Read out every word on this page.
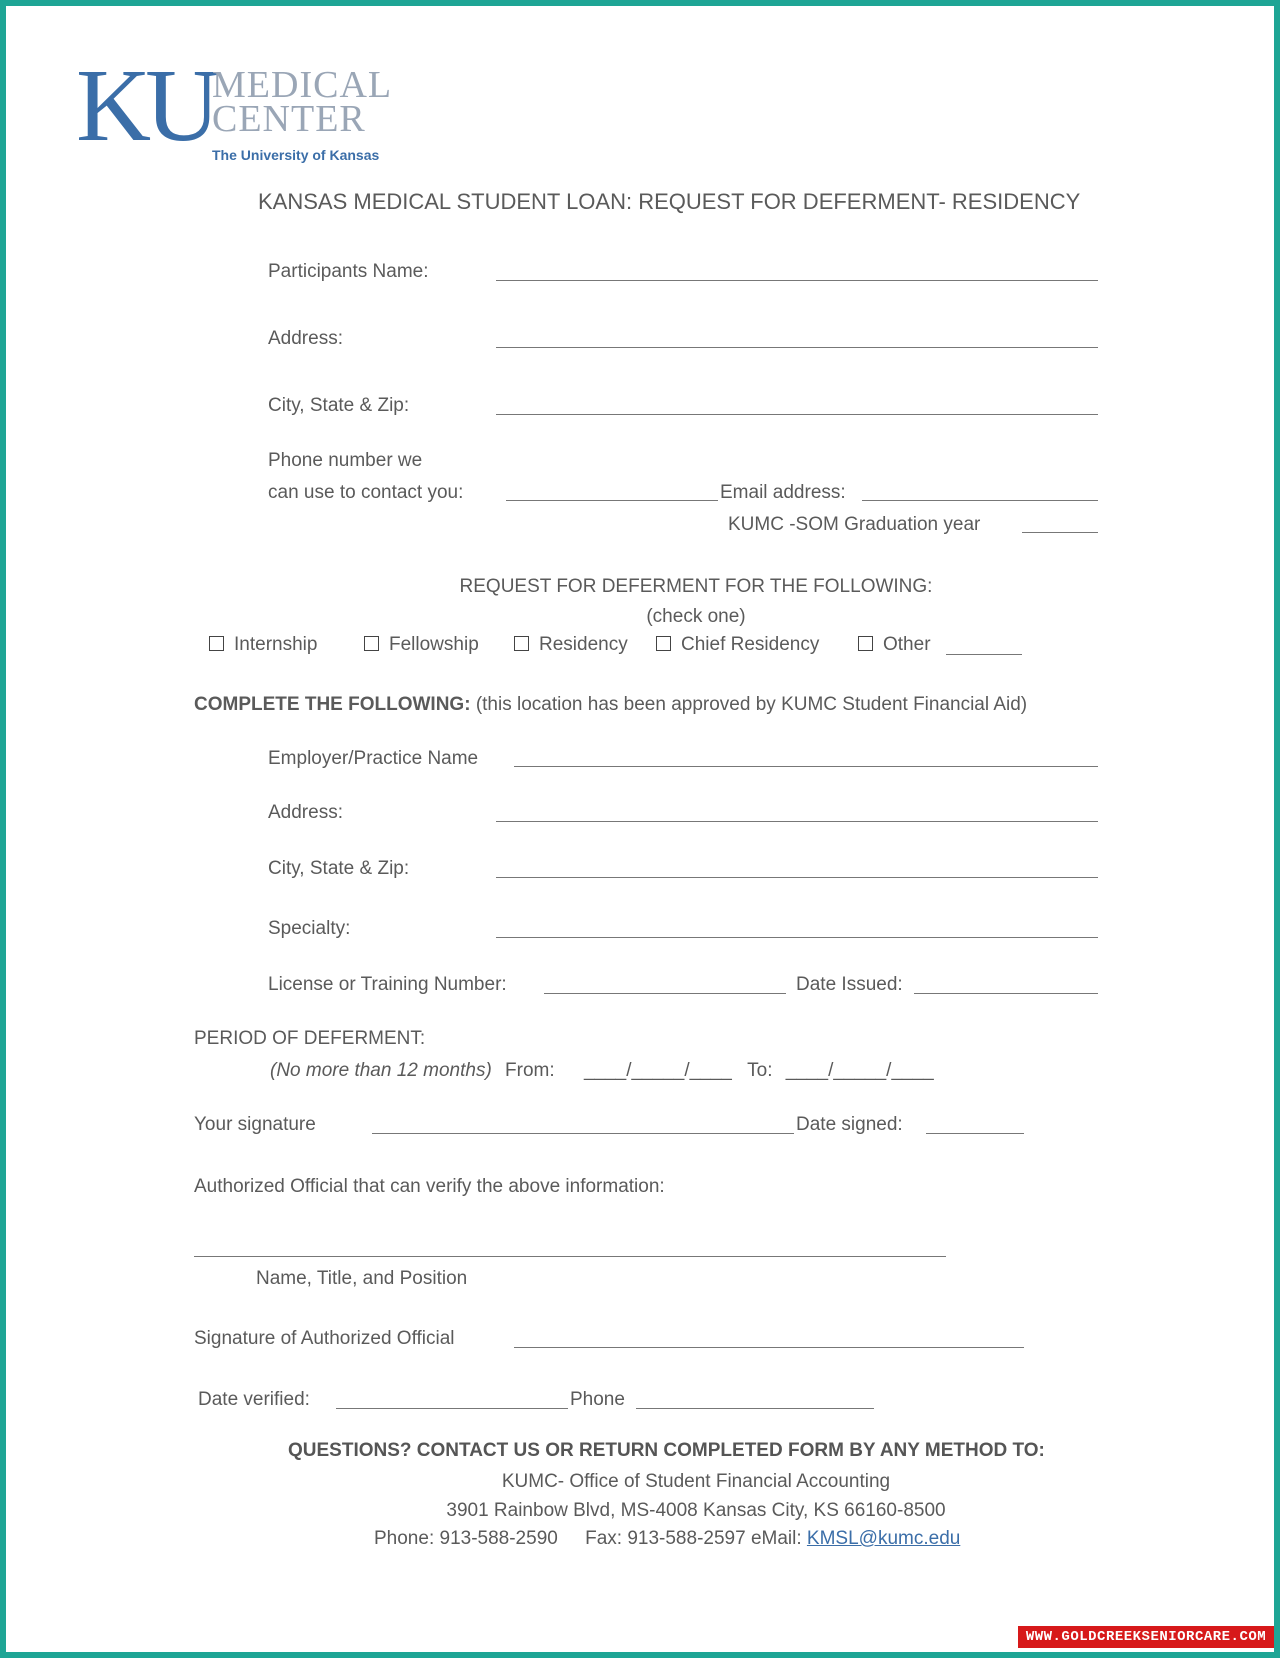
KU
MEDICAL
CENTER
The University of Kansas
KANSAS MEDICAL STUDENT LOAN: REQUEST FOR DEFERMENT- RESIDENCY
Participants Name:
Address:
City, State & Zip:
Phone number we
can use to contact you:	Email address:
KUMC -SOM Graduation year
REQUEST FOR DEFERMENT FOR THE FOLLOWING:
(check one)
Internship	Fellowship	Residency	Chief Residency	Other
COMPLETE THE FOLLOWING: (this location has been approved by KUMC Student Financial Aid)
Employer/Practice Name
Address:
City, State & Zip:
Specialty:
License or Training Number:	Date Issued:
PERIOD OF DEFERMENT:
(No more than 12 months) From: ____/_____/____ To: ____/_____/____
Your signature	Date signed:
Authorized Official that can verify the above information:
Name, Title, and Position
Signature of Authorized Official
Date verified:	Phone
QUESTIONS? CONTACT US OR RETURN COMPLETED FORM BY ANY METHOD TO:
KUMC- Office of Student Financial Accounting
3901 Rainbow Blvd, MS-4008 Kansas City, KS 66160-8500
Phone: 913-588-2590 Fax: 913-588-2597 eMail: KMSL@kumc.edu
WWW.GOLDCREEKSENIORCARE.COM
